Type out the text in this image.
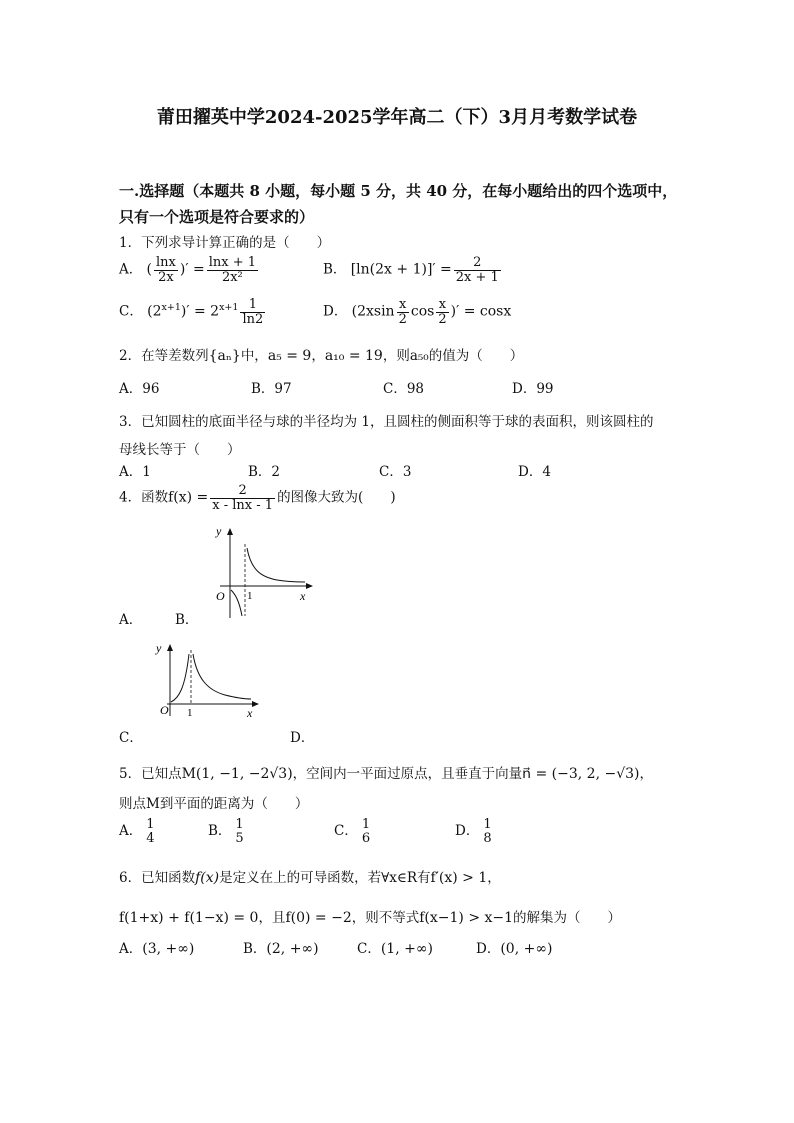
莆田擢英中学2024-2025学年高二（下）3月月考数学试卷
一.选择题（本题共 8 小题，每小题 5 分，共 40 分，在每小题给出的四个选项中，
只有一个选项是符合要求的）
1．下列求导计算正确的是（　　）
A． ( $\frac{\ln x}{2x}$ )′ = $\frac{\ln x + 1}{\text{2x²}}$	B． $[\ln(2x + 1)]' = \frac{2}{2x + 1}$
C． $(2^{x+1})' = 2^{x+1} \frac{1}{\ln 2}$	D． ($2xsin \frac{x}{2}$ $\cos \frac{x}{2}$ )′ = cosx
2．在等差数列{aₙ}中，a₅ = 9，a₁₀ = 19，则a₅₀的值为（　　）
A．96	B．97	C．98	D．99
3．已知圆柱的底面半径与球的半径均为 1，且圆柱的侧面积等于球的表面积，则该圆柱的
母线长等于（　　）
A．1	B．2	C．3	D．4
4．函数$f(x) = \frac{2}{x - \ln x - 1}$ 的图像大致为(　　)
y
x
O 1
A． B．
y
x
O 1
C．	D．
5．已知点M(1, −1, −2√3)，空间内一平面过原点，且垂直于向量n⃗ = (−3, 2, −√3)，
则点M到平面的距离为（　　）
A． 1
4	B． 1
5	C． 1
6	D． 1
8
6．已知函数f(x)是定义在上的可导函数，若∀x∈R有f′(x) > 1，
f(1+x) + f(1−x) = 0，且f(0) = −2，则不等式f(x−1) > x−1的解集为（　　）
A．(3, +∞)	B．(2, +∞)	C．(1, +∞)	D．(0, +∞)
